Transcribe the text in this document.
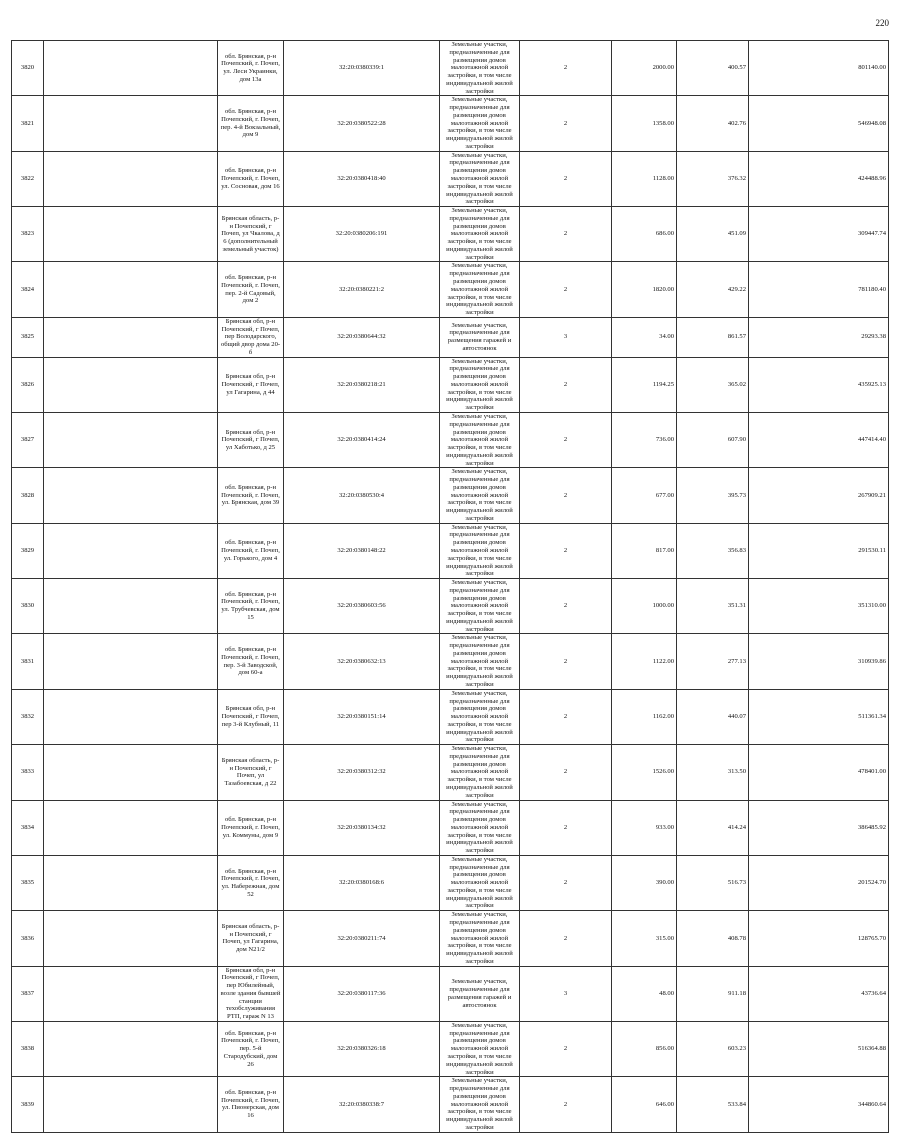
220
3820		обл. Брянская, р-н Почепский, г. Почеп, ул. Леси Украинки, дом 13а	32:20:0380339:1	Земельные участки, предназначенные для размещения домов малоэтажной жилой застройки, в том числе индивидуальной жилой застройки	2	2000.00	400.57	801140.00
3821		обл. Брянская, р-н Почепский, г. Почеп, пер. 4-й Вокзальный, дом 9	32:20:0380522:28	Земельные участки, предназначенные для размещения домов малоэтажной жилой застройки, в том числе индивидуальной жилой застройки	2	1358.00	402.76	546948.08
3822		обл. Брянская, р-н Почепский, г. Почеп, ул. Сосновая, дом 16	32:20:0380418:40	Земельные участки, предназначенные для размещения домов малоэтажной жилой застройки, в том числе индивидуальной жилой застройки	2	1128.00	376.32	424488.96
3823		Брянская область, р-н Почепский, г Почеп, ул Чкалова, д 6 (дополнительный земельный участок)	32:20:0380206:191	Земельные участки, предназначенные для размещения домов малоэтажной жилой застройки, в том числе индивидуальной жилой застройки	2	686.00	451.09	309447.74
3824		обл. Брянская, р-н Почепский, г. Почеп, пер. 2-й Садовый, дом 2	32:20:0380221:2	Земельные участки, предназначенные для размещения домов малоэтажной жилой застройки, в том числе индивидуальной жилой застройки	2	1820.00	429.22	781180.40
3825		Брянская обл, р-н Почепский, г Почеп, пер Володарского, общий двор дома 20-б	32:20:0380644:32	Земельные участки, предназначенные для размещения гаражей и автостоянок	3	34.00	861.57	29293.38
3826		Брянская обл, р-н Почепский, г Почеп, ул Гагарина, д 44	32:20:0380218:21	Земельные участки, предназначенные для размещения домов малоэтажной жилой застройки, в том числе индивидуальной жилой застройки	2	1194.25	365.02	435925.13
3827		Брянская обл, р-н Почепский, г Почеп, ул Хаботько, д 25	32:20:0380414:24	Земельные участки, предназначенные для размещения домов малоэтажной жилой застройки, в том числе индивидуальной жилой застройки	2	736.00	607.90	447414.40
3828		обл. Брянская, р-н Почепский, г. Почеп, ул. Брянская, дом 39	32:20:0380530:4	Земельные участки, предназначенные для размещения домов малоэтажной жилой застройки, в том числе индивидуальной жилой застройки	2	677.00	395.73	267909.21
3829		обл. Брянская, р-н Почепский, г. Почеп, ул. Горького, дом 4	32:20:0380148:22	Земельные участки, предназначенные для размещения домов малоэтажной жилой застройки, в том числе индивидуальной жилой застройки	2	817.00	356.83	291530.11
3830		обл. Брянская, р-н Почепский, г. Почеп, ул. Трубчевская, дом 15	32:20:0380603:56	Земельные участки, предназначенные для размещения домов малоэтажной жилой застройки, в том числе индивидуальной жилой застройки	2	1000.00	351.31	351310.00
3831		обл. Брянская, р-н Почепский, г. Почеп, пер. 3-й Заводской, дом 60-а	32:20:0380632:13	Земельные участки, предназначенные для размещения домов малоэтажной жилой застройки, в том числе индивидуальной жилой застройки	2	1122.00	277.13	310939.86
3832		Брянская обл, р-н Почепский, г Почеп, пер 3-й Клубный, 11	32:20:0380151:14	Земельные участки, предназначенные для размещения домов малоэтажной жилой застройки, в том числе индивидуальной жилой застройки	2	1162.00	440.07	511361.34
3833		Брянская область, р-н Почепский, г Почеп, ул Тазабоевская, д 22	32:20:0380312:32	Земельные участки, предназначенные для размещения домов малоэтажной жилой застройки, в том числе индивидуальной жилой застройки	2	1526.00	313.50	478401.00
3834		обл. Брянская, р-н Почепский, г. Почеп, ул. Коммуны, дом 9	32:20:0380134:32	Земельные участки, предназначенные для размещения домов малоэтажной жилой застройки, в том числе индивидуальной жилой застройки	2	933.00	414.24	386485.92
3835		обл. Брянская, р-н Почепский, г. Почеп, ул. Набережная, дом 52	32:20:0380168:6	Земельные участки, предназначенные для размещения домов малоэтажной жилой застройки, в том числе индивидуальной жилой застройки	2	390.00	516.73	201524.70
3836		Брянская область, р-н Почепский, г Почеп, ул Гагарина, дом N21/2	32:20:0380211:74	Земельные участки, предназначенные для размещения домов малоэтажной жилой застройки, в том числе индивидуальной жилой застройки	2	315.00	408.78	128765.70
3837		Брянская обл, р-н Почепский, г Почеп, пер Юбилейный, возле здания бывшей станции техобслуживания РТП, гараж N 13	32:20:0380117:36	Земельные участки, предназначенные для размещения гаражей и автостоянок	3	48.00	911.18	43736.64
3838		обл. Брянская, р-н Почепский, г. Почеп, пер. 5-й Стародубский, дом 26	32:20:0380326:18	Земельные участки, предназначенные для размещения домов малоэтажной жилой застройки, в том числе индивидуальной жилой застройки	2	856.00	603.23	516364.88
3839		обл. Брянская, р-н Почепский, г. Почеп, ул. Пионерская, дом 16	32:20:0380338:7	Земельные участки, предназначенные для размещения домов малоэтажной жилой застройки, в том числе индивидуальной жилой застройки	2	646.00	533.84	344860.64
